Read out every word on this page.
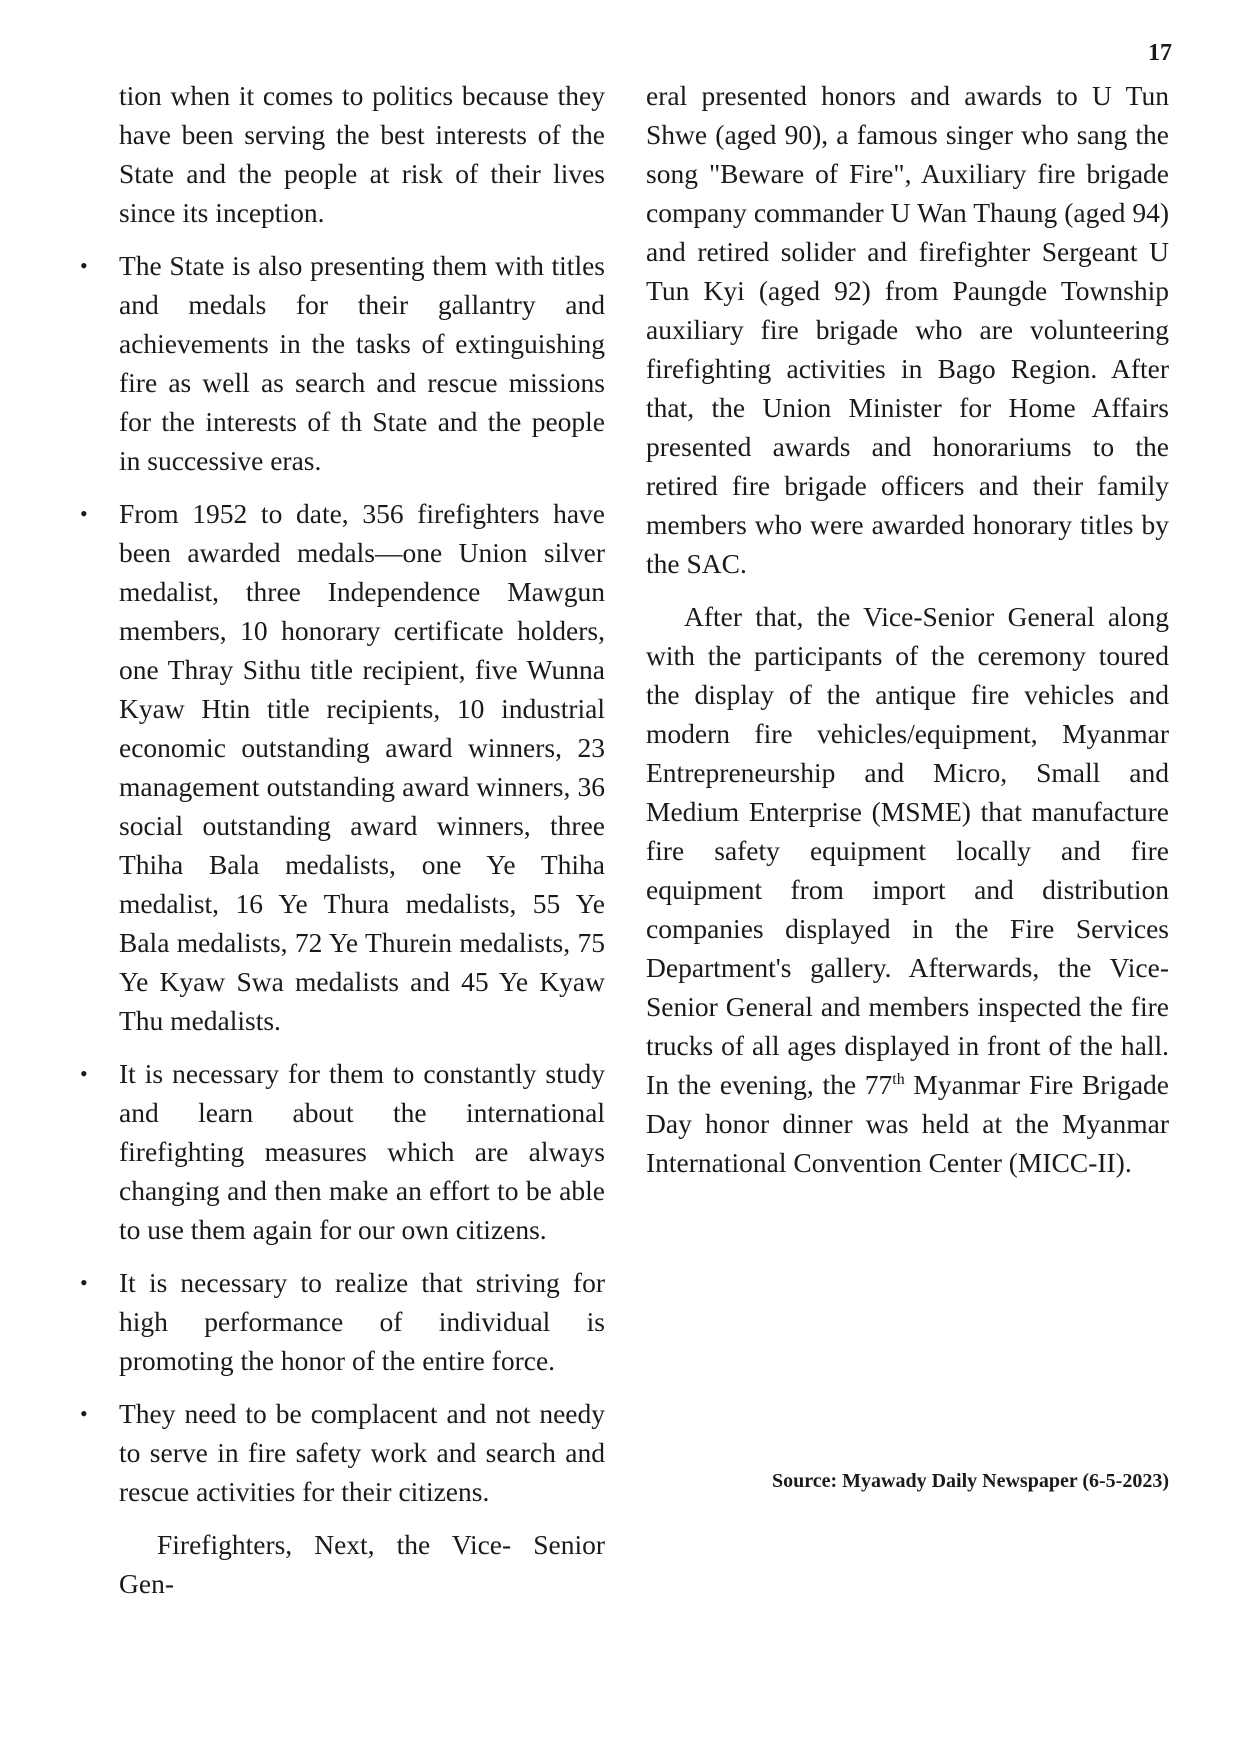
17

tion when it comes to politics because they have been serving the best interests of the State and the people at risk of their lives since its inception.

• The State is also presenting them with titles and medals for their gallantry and achievements in the tasks of extinguishing fire as well as search and rescue missions for the interests of th State and the people in successive eras.
• From 1952 to date, 356 firefighters have been awarded medals—one Union silver medalist, three Independence Mawgun members, 10 honorary certificate holders, one Thray Sithu title recipient, five Wunna Kyaw Htin title recipients, 10 industrial economic outstanding award winners, 23 management outstanding award winners, 36 social outstanding award winners, three Thiha Bala medalists, one Ye Thiha medalist, 16 Ye Thura medalists, 55 Ye Bala medalists, 72 Ye Thurein medalists, 75 Ye Kyaw Swa medalists and 45 Ye Kyaw Thu medalists.
• It is necessary for them to constantly study and learn about the international firefighting measures which are always changing and then make an effort to be able to use them again for our own citizens.
• It is necessary to realize that striving for high performance of individual is promoting the honor of the entire force.
• They need to be complacent and not needy to serve in fire safety work and search and rescue activities for their citizens.

Firefighters, Next, the Vice- Senior Gen-

eral presented honors and awards to U Tun Shwe (aged 90), a famous singer who sang the song "Beware of Fire", Auxiliary fire brigade company commander U Wan Thaung (aged 94) and retired solider and firefighter Sergeant U Tun Kyi (aged 92) from Paungde Township auxiliary fire brigade who are volunteering firefighting activities in Bago Region. After that, the Union Minister for Home Affairs presented awards and honorariums to the retired fire brigade officers and their family members who were awarded honorary titles by the SAC.

After that, the Vice-Senior General along with the participants of the ceremony toured the display of the antique fire vehicles and modern fire vehicles/equipment, Myanmar Entrepreneurship and Micro, Small and Medium Enterprise (MSME) that manufacture fire safety equipment locally and fire equipment from import and distribution companies displayed in the Fire Services Department's gallery. Afterwards, the Vice- Senior General and members inspected the fire trucks of all ages displayed in front of the hall. In the evening, the 77th Myanmar Fire Brigade Day honor dinner was held at the Myanmar International Convention Center (MICC-II).

Source: Myawady Daily Newspaper (6-5-2023)
